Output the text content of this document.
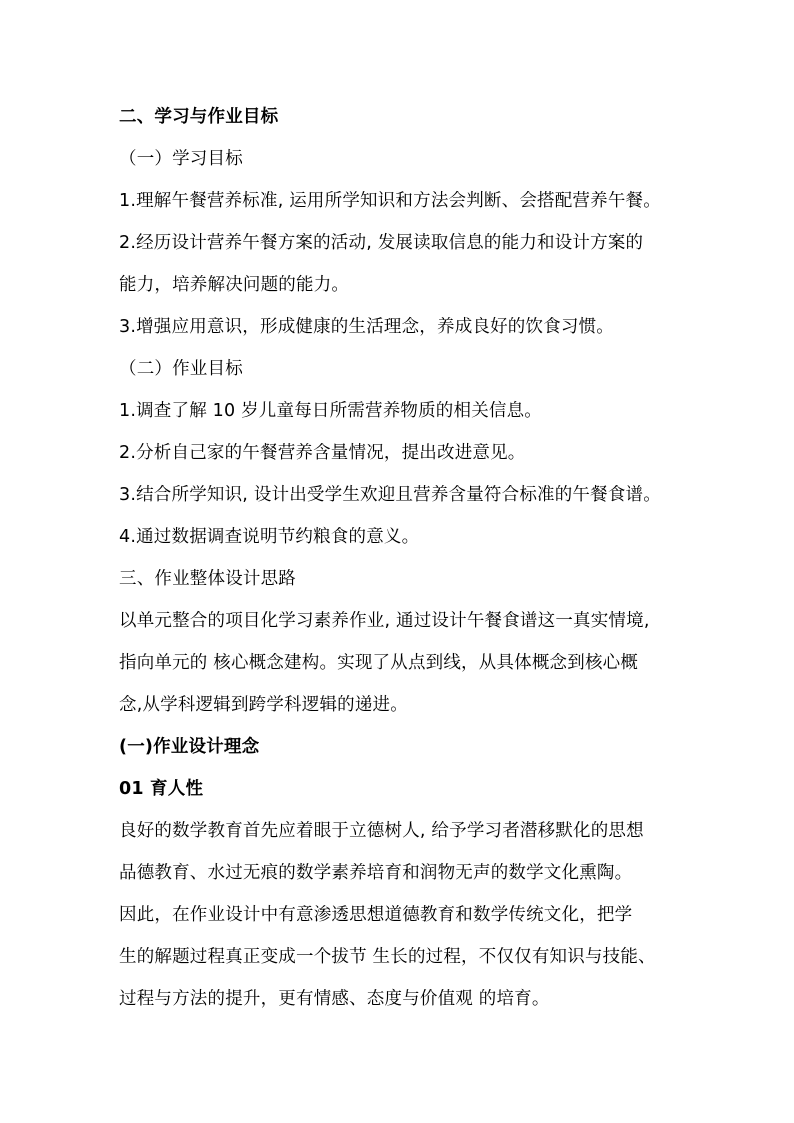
二、学习与作业目标
（一）学习目标
1.理解午餐营养标准, 运用所学知识和方法会判断、会搭配营养午餐。
2.经历设计营养午餐方案的活动, 发展读取信息的能力和设计方案的
能力，培养解决问题的能力。
3.增强应用意识，形成健康的生活理念，养成良好的饮食习惯。
（二）作业目标
1.调查了解 10 岁儿童每日所需营养物质的相关信息。
2.分析自己家的午餐营养含量情况，提出改进意见。
3.结合所学知识, 设计出受学生欢迎且营养含量符合标准的午餐食谱。
4.通过数据调查说明节约粮食的意义。
三、作业整体设计思路
以单元整合的项目化学习素养作业, 通过设计午餐食谱这一真实情境,
指向单元的 核心概念建构。实现了从点到线，从具体概念到核心概
念,从学科逻辑到跨学科逻辑的递进。
(一)作业设计理念
01 育人性
良好的数学教育首先应着眼于立德树人, 给予学习者潜移默化的思想
品德教育、水过无痕的数学素养培育和润物无声的数学文化熏陶。
因此，在作业设计中有意渗透思想道德教育和数学传统文化，把学
生的解题过程真正变成一个拔节 生长的过程，不仅仅有知识与技能、
过程与方法的提升，更有情感、态度与价值观 的培育。
